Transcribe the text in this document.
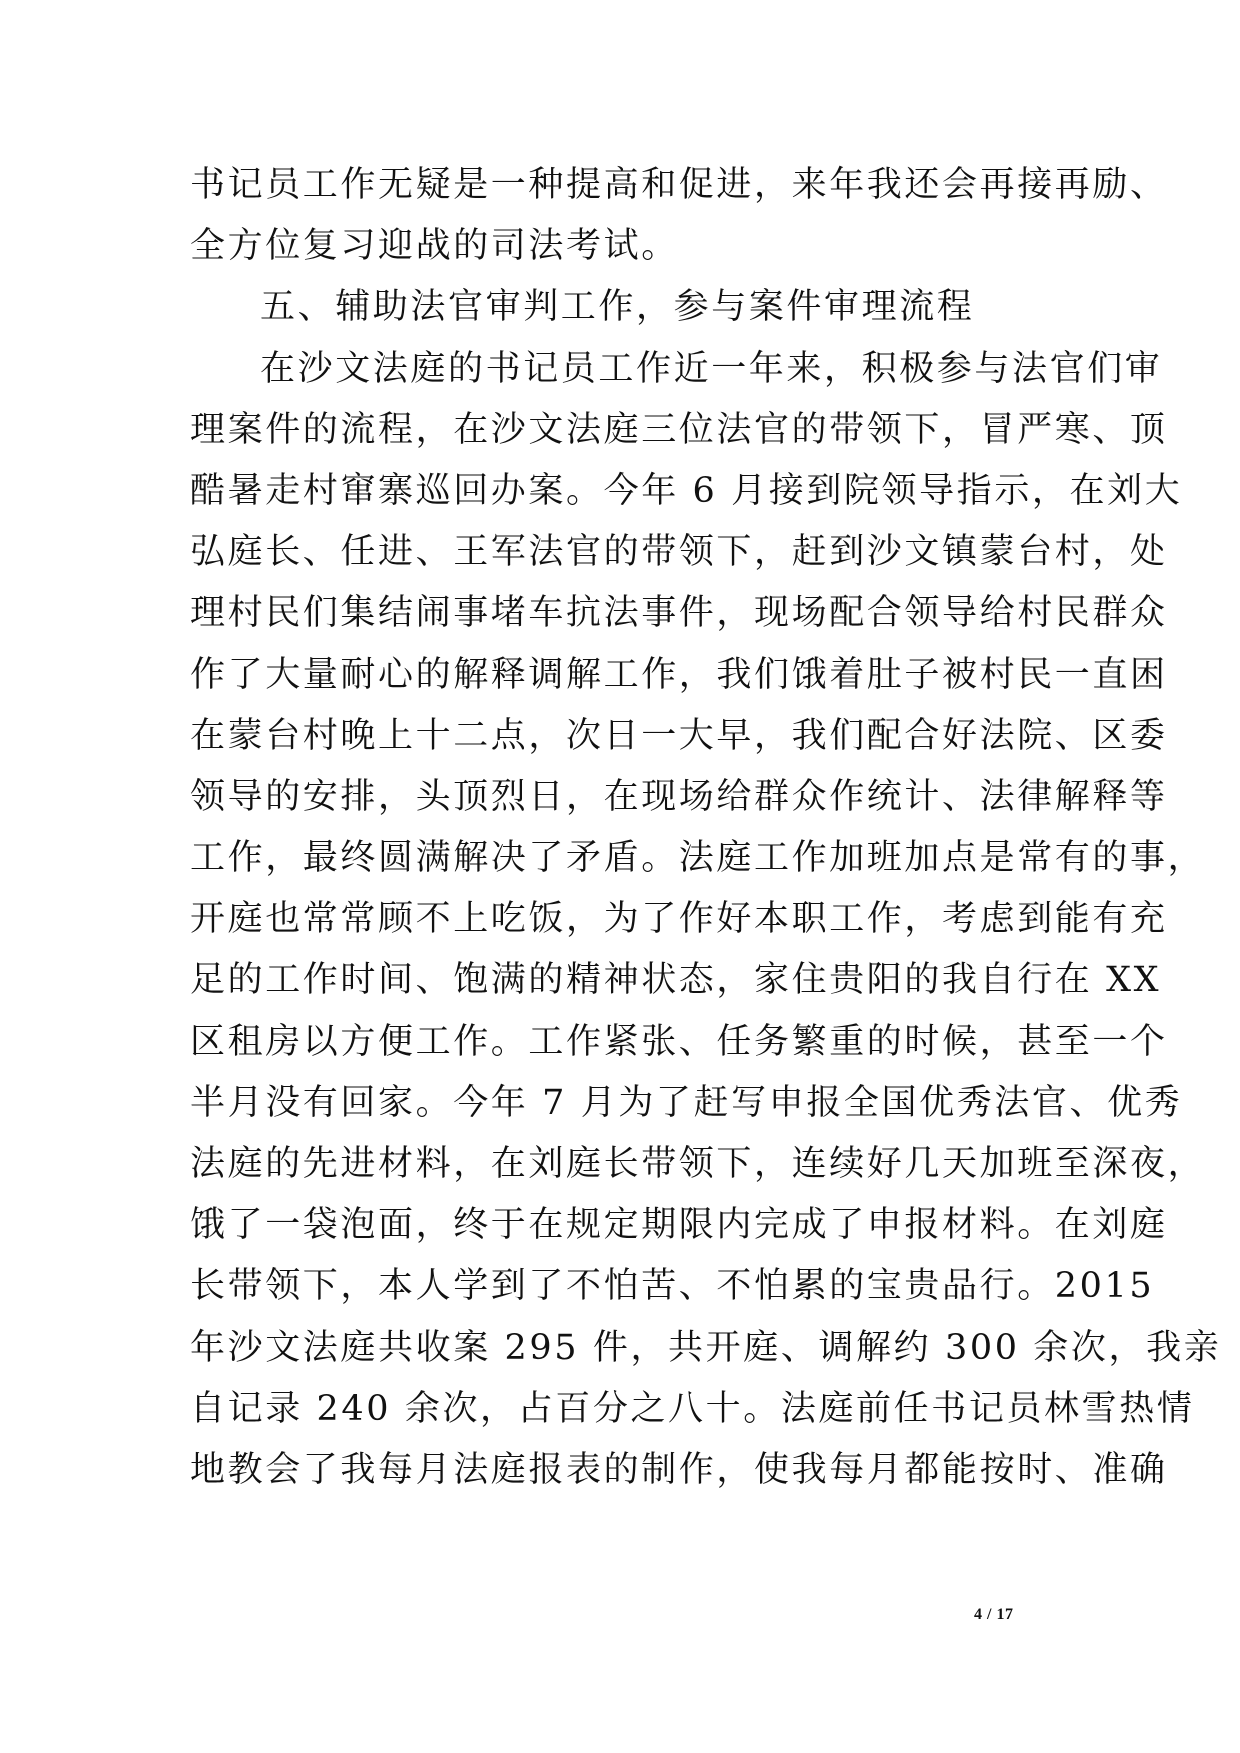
书记员工作无疑是一种提高和促进，来年我还会再接再励、
全方位复习迎战的司法考试。
五、辅助法官审判工作，参与案件审理流程
在沙文法庭的书记员工作近一年来，积极参与法官们审
理案件的流程，在沙文法庭三位法官的带领下，冒严寒、顶
酷暑走村窜寨巡回办案。今年 6 月接到院领导指示，在刘大
弘庭长、任进、王军法官的带领下，赶到沙文镇蒙台村，处
理村民们集结闹事堵车抗法事件，现场配合领导给村民群众
作了大量耐心的解释调解工作，我们饿着肚子被村民一直困
在蒙台村晚上十二点，次日一大早，我们配合好法院、区委
领导的安排，头顶烈日，在现场给群众作统计、法律解释等
工作，最终圆满解决了矛盾。法庭工作加班加点是常有的事，
开庭也常常顾不上吃饭，为了作好本职工作，考虑到能有充
足的工作时间、饱满的精神状态，家住贵阳的我自行在 XX
区租房以方便工作。工作紧张、任务繁重的时候，甚至一个
半月没有回家。今年 7 月为了赶写申报全国优秀法官、优秀
法庭的先进材料，在刘庭长带领下，连续好几天加班至深夜，
饿了一袋泡面，终于在规定期限内完成了申报材料。在刘庭
长带领下，本人学到了不怕苦、不怕累的宝贵品行。2015
年沙文法庭共收案 295 件，共开庭、调解约 300 余次，我亲
自记录 240 余次，占百分之八十。法庭前任书记员林雪热情
地教会了我每月法庭报表的制作，使我每月都能按时、准确
4 / 17
